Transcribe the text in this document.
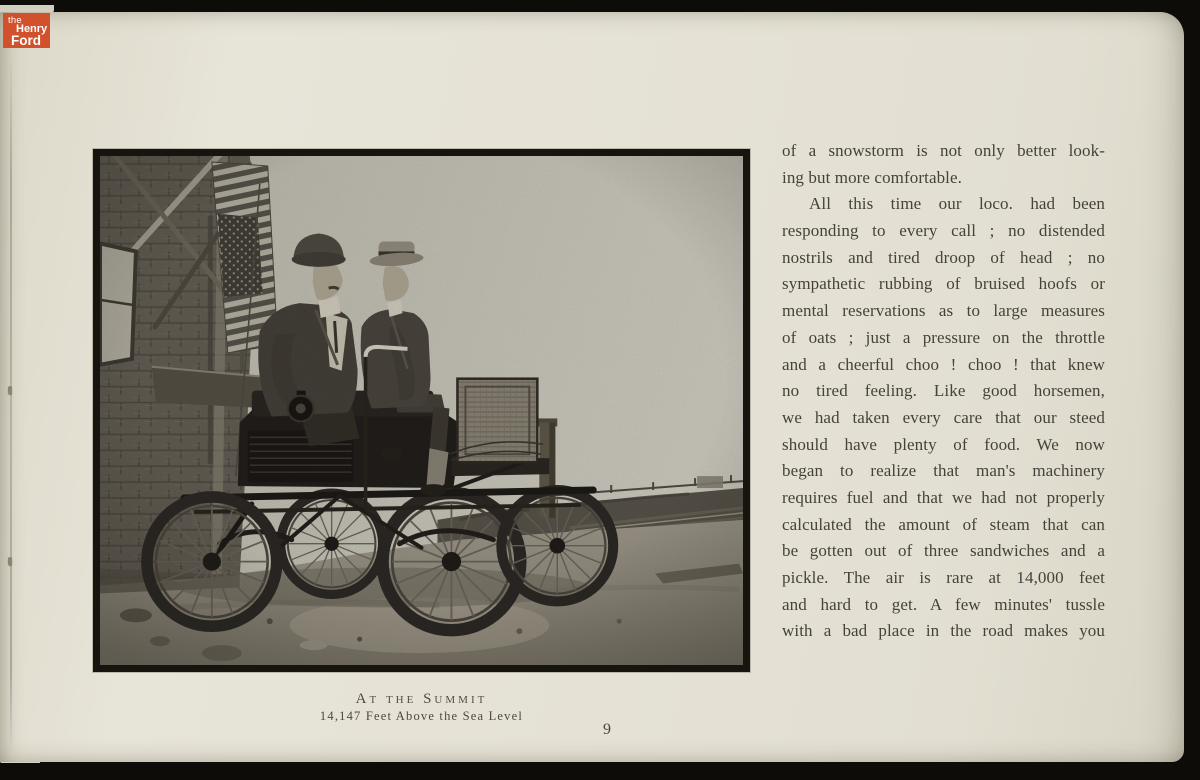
At the Summit
14,147 Feet Above the Sea Level
9
of a snowstorm is not only better look-
ing but more comfortable.
All this time our loco. had been
responding to every call ; no distended
nostrils and tired droop of head ; no
sympathetic rubbing of bruised hoofs or
mental reservations as to large measures
of oats ; just a pressure on the throttle
and a cheerful choo ! choo ! that knew
no tired feeling. Like good horsemen,
we had taken every care that our steed
should have plenty of food. We now
began to realize that man's machinery
requires fuel and that we had not properly
calculated the amount of steam that can
be gotten out of three sandwiches and a
pickle. The air is rare at 14,000 feet
and hard to get. A few minutes' tussle
with a bad place in the road makes you
the
Henry
Ford
